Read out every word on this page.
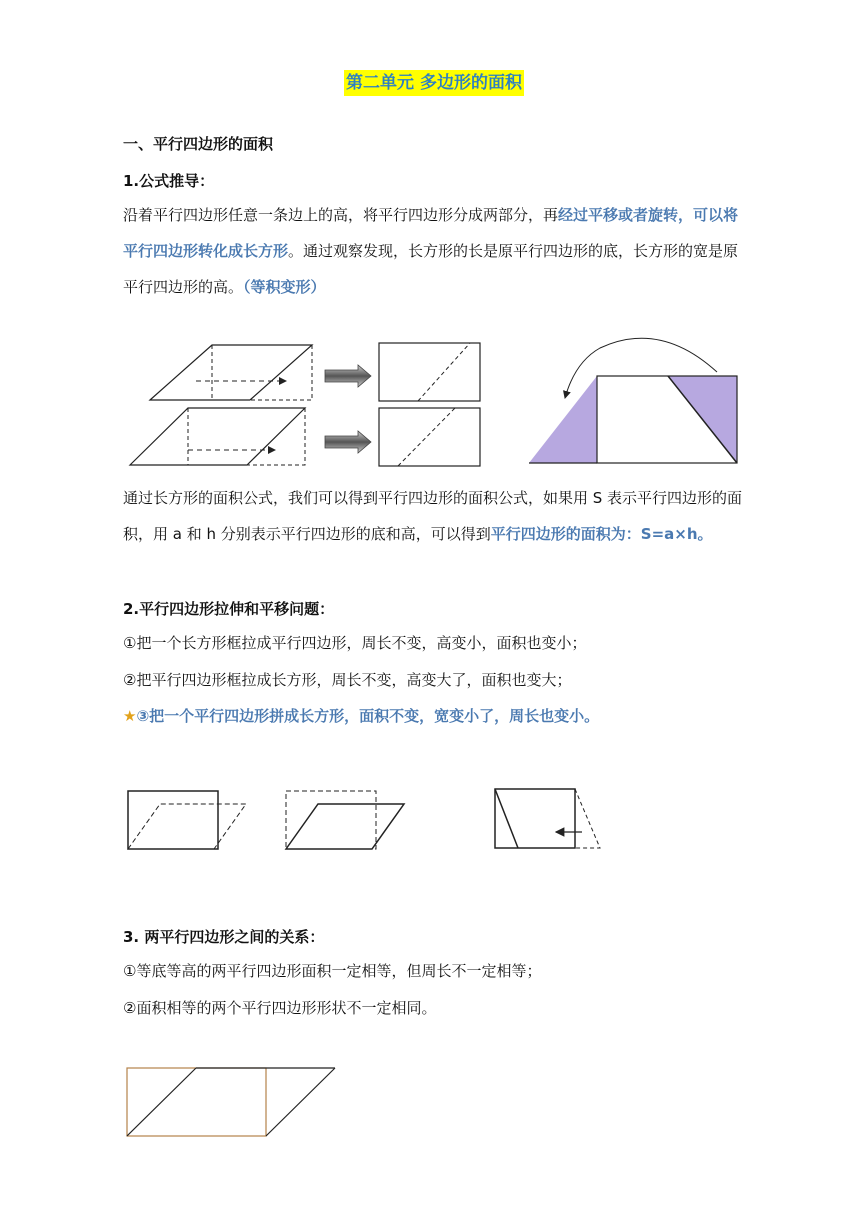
第二单元 多边形的面积
一、平行四边形的面积
1.公式推导：
沿着平行四边形任意一条边上的高，将平行四边形分成两部分，再经过平移或者旋转，可以将平行四边形转化成长方形。通过观察发现，长方形的长是原平行四边形的底，长方形的宽是原平行四边形的高。（等积变形）
通过长方形的面积公式，我们可以得到平行四边形的面积公式，如果用 S 表示平行四边形的面积，用 a 和 h 分别表示平行四边形的底和高，可以得到平行四边形的面积为：S=a×h。
2.平行四边形拉伸和平移问题：
①把一个长方形框拉成平行四边形，周长不变，高变小，面积也变小；
②把平行四边形框拉成长方形，周长不变，高变大了，面积也变大；
★③把一个平行四边形拼成长方形，面积不变，宽变小了，周长也变小。
3. 两平行四边形之间的关系：
①等底等高的两平行四边形面积一定相等，但周长不一定相等；
②面积相等的两个平行四边形形状不一定相同。
